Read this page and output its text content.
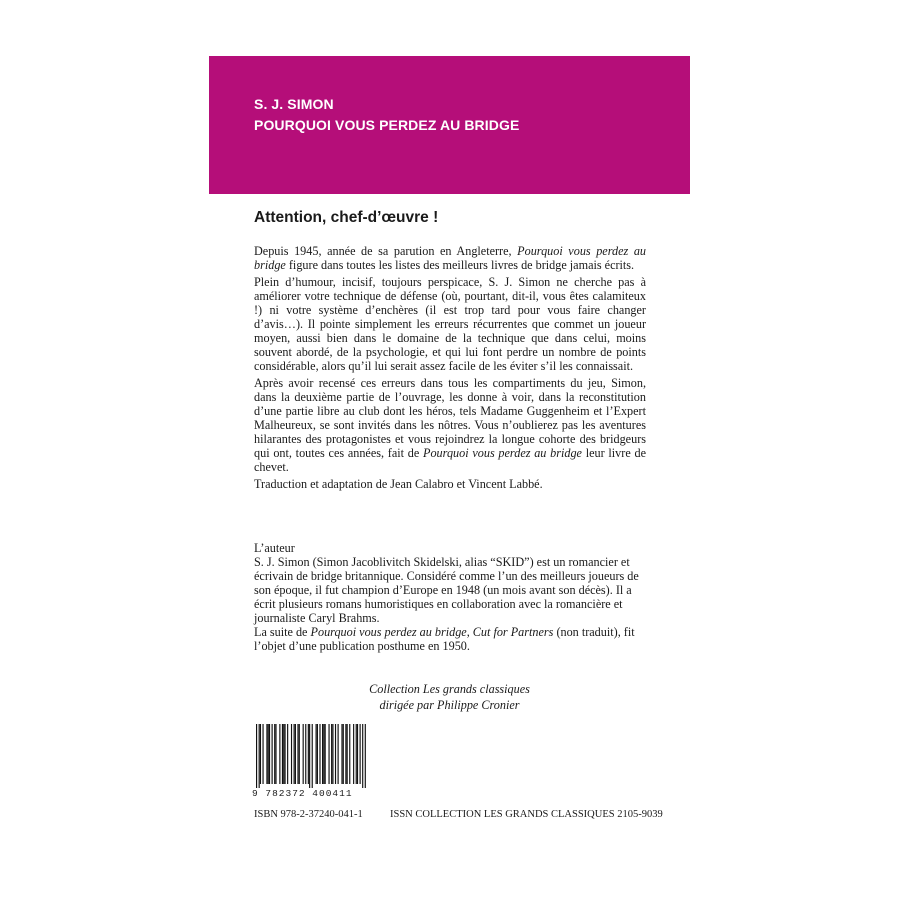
S. J. SIMON
POURQUOI VOUS PERDEZ AU BRIDGE
Attention, chef-d’œuvre !

Depuis 1945, année de sa parution en Angleterre, Pourquoi vous perdez au bridge figure dans toutes les listes des meilleurs livres de bridge jamais écrits.

Plein d’humour, incisif, toujours perspicace, S. J. Simon ne cherche pas à améliorer votre technique de défense (où, pourtant, dit-il, vous êtes calamiteux !) ni votre système d’enchères (il est trop tard pour vous faire changer d’avis…). Il pointe simplement les erreurs récurrentes que commet un joueur moyen, aussi bien dans le domaine de la technique que dans celui, moins souvent abordé, de la psychologie, et qui lui font perdre un nombre de points considérable, alors qu’il lui serait assez facile de les éviter s’il les connaissait.

Après avoir recensé ces erreurs dans tous les compartiments du jeu, Simon, dans la deuxième partie de l’ouvrage, les donne à voir, dans la reconstitution d’une partie libre au club dont les héros, tels Madame Guggenheim et l’Expert Malheureux, se sont invités dans les nôtres. Vous n’oublierez pas les aventures hilarantes des protagonistes et vous rejoindrez la longue cohorte des bridgeurs qui ont, toutes ces années, fait de Pourquoi vous perdez au bridge leur livre de chevet.

Traduction et adaptation de Jean Calabro et Vincent Labbé.

L’auteur

S. J. Simon (Simon Jacoblivitch Skidelski, alias “SKID”) est un romancier et écrivain de bridge britannique. Considéré comme l’un des meilleurs joueurs de son époque, il fut champion d’Europe en 1948 (un mois avant son décès). Il a écrit plusieurs romans humoristiques en collaboration avec la romancière et journaliste Caryl Brahms.
La suite de Pourquoi vous perdez au bridge, Cut for Partners (non traduit), fit l’objet d’une publication posthume en 1950.

Collection Les grands classiques
dirigée par Philippe Cronier
9 782372 400411
ISBN 978-2-37240-041-1	ISSN COLLECTION LES GRANDS CLASSIQUES 2105-9039
